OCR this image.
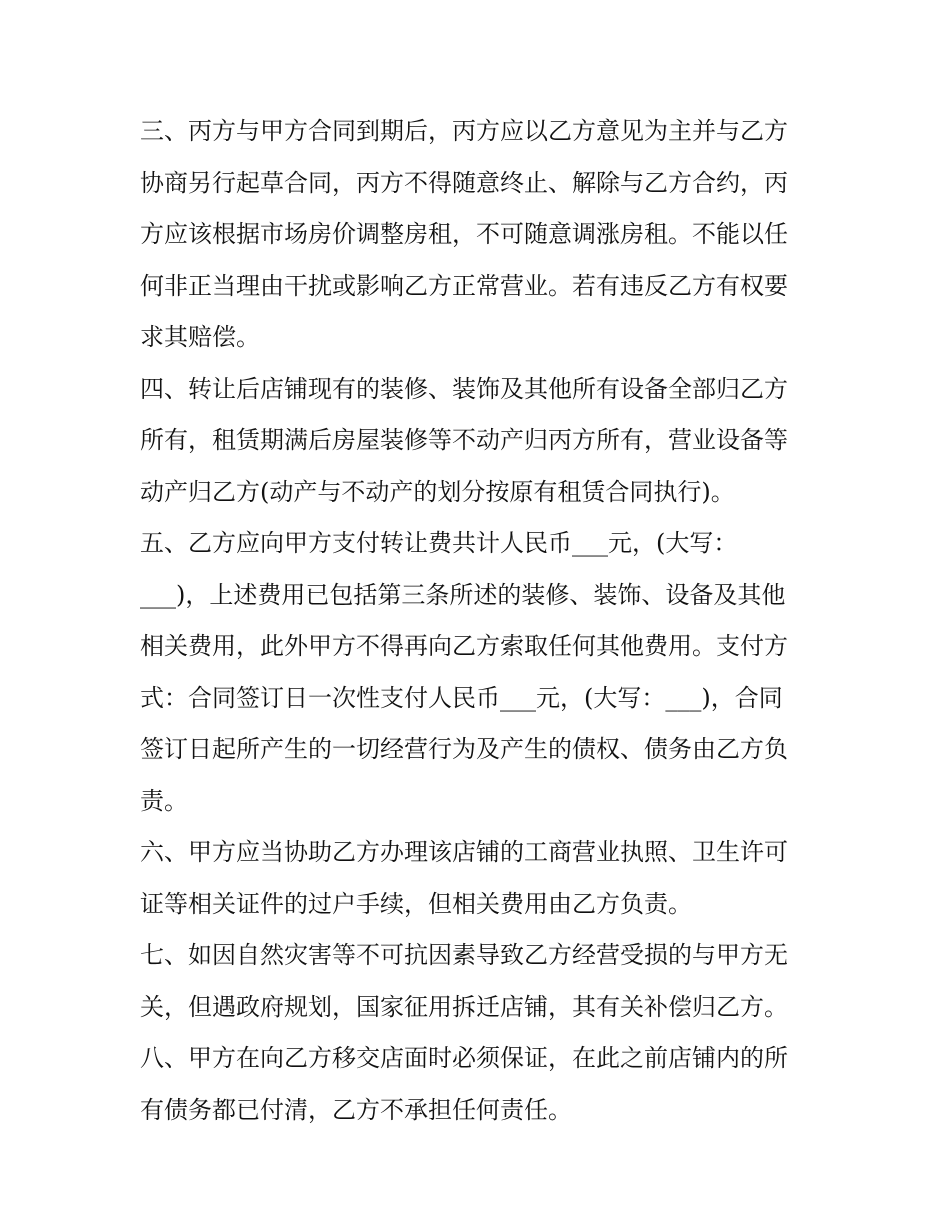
三、丙方与甲方合同到期后，丙方应以乙方意见为主并与乙方
协商另行起草合同，丙方不得随意终止、解除与乙方合约，丙
方应该根据市场房价调整房租，不可随意调涨房租。不能以任
何非正当理由干扰或影响乙方正常营业。若有违反乙方有权要
求其赔偿。
四、转让后店铺现有的装修、装饰及其他所有设备全部归乙方
所有，租赁期满后房屋装修等不动产归丙方所有，营业设备等
动产归乙方(动产与不动产的划分按原有租赁合同执行)。
五、乙方应向甲方支付转让费共计人民币___元，(大写：
___)，上述费用已包括第三条所述的装修、装饰、设备及其他
相关费用，此外甲方不得再向乙方索取任何其他费用。支付方
式：合同签订日一次性支付人民币___元，(大写：___)，合同
签订日起所产生的一切经营行为及产生的债权、债务由乙方负
责。
六、甲方应当协助乙方办理该店铺的工商营业执照、卫生许可
证等相关证件的过户手续，但相关费用由乙方负责。
七、如因自然灾害等不可抗因素导致乙方经营受损的与甲方无
关，但遇政府规划，国家征用拆迁店铺，其有关补偿归乙方。
八、甲方在向乙方移交店面时必须保证，在此之前店铺内的所
有债务都已付清，乙方不承担任何责任。
